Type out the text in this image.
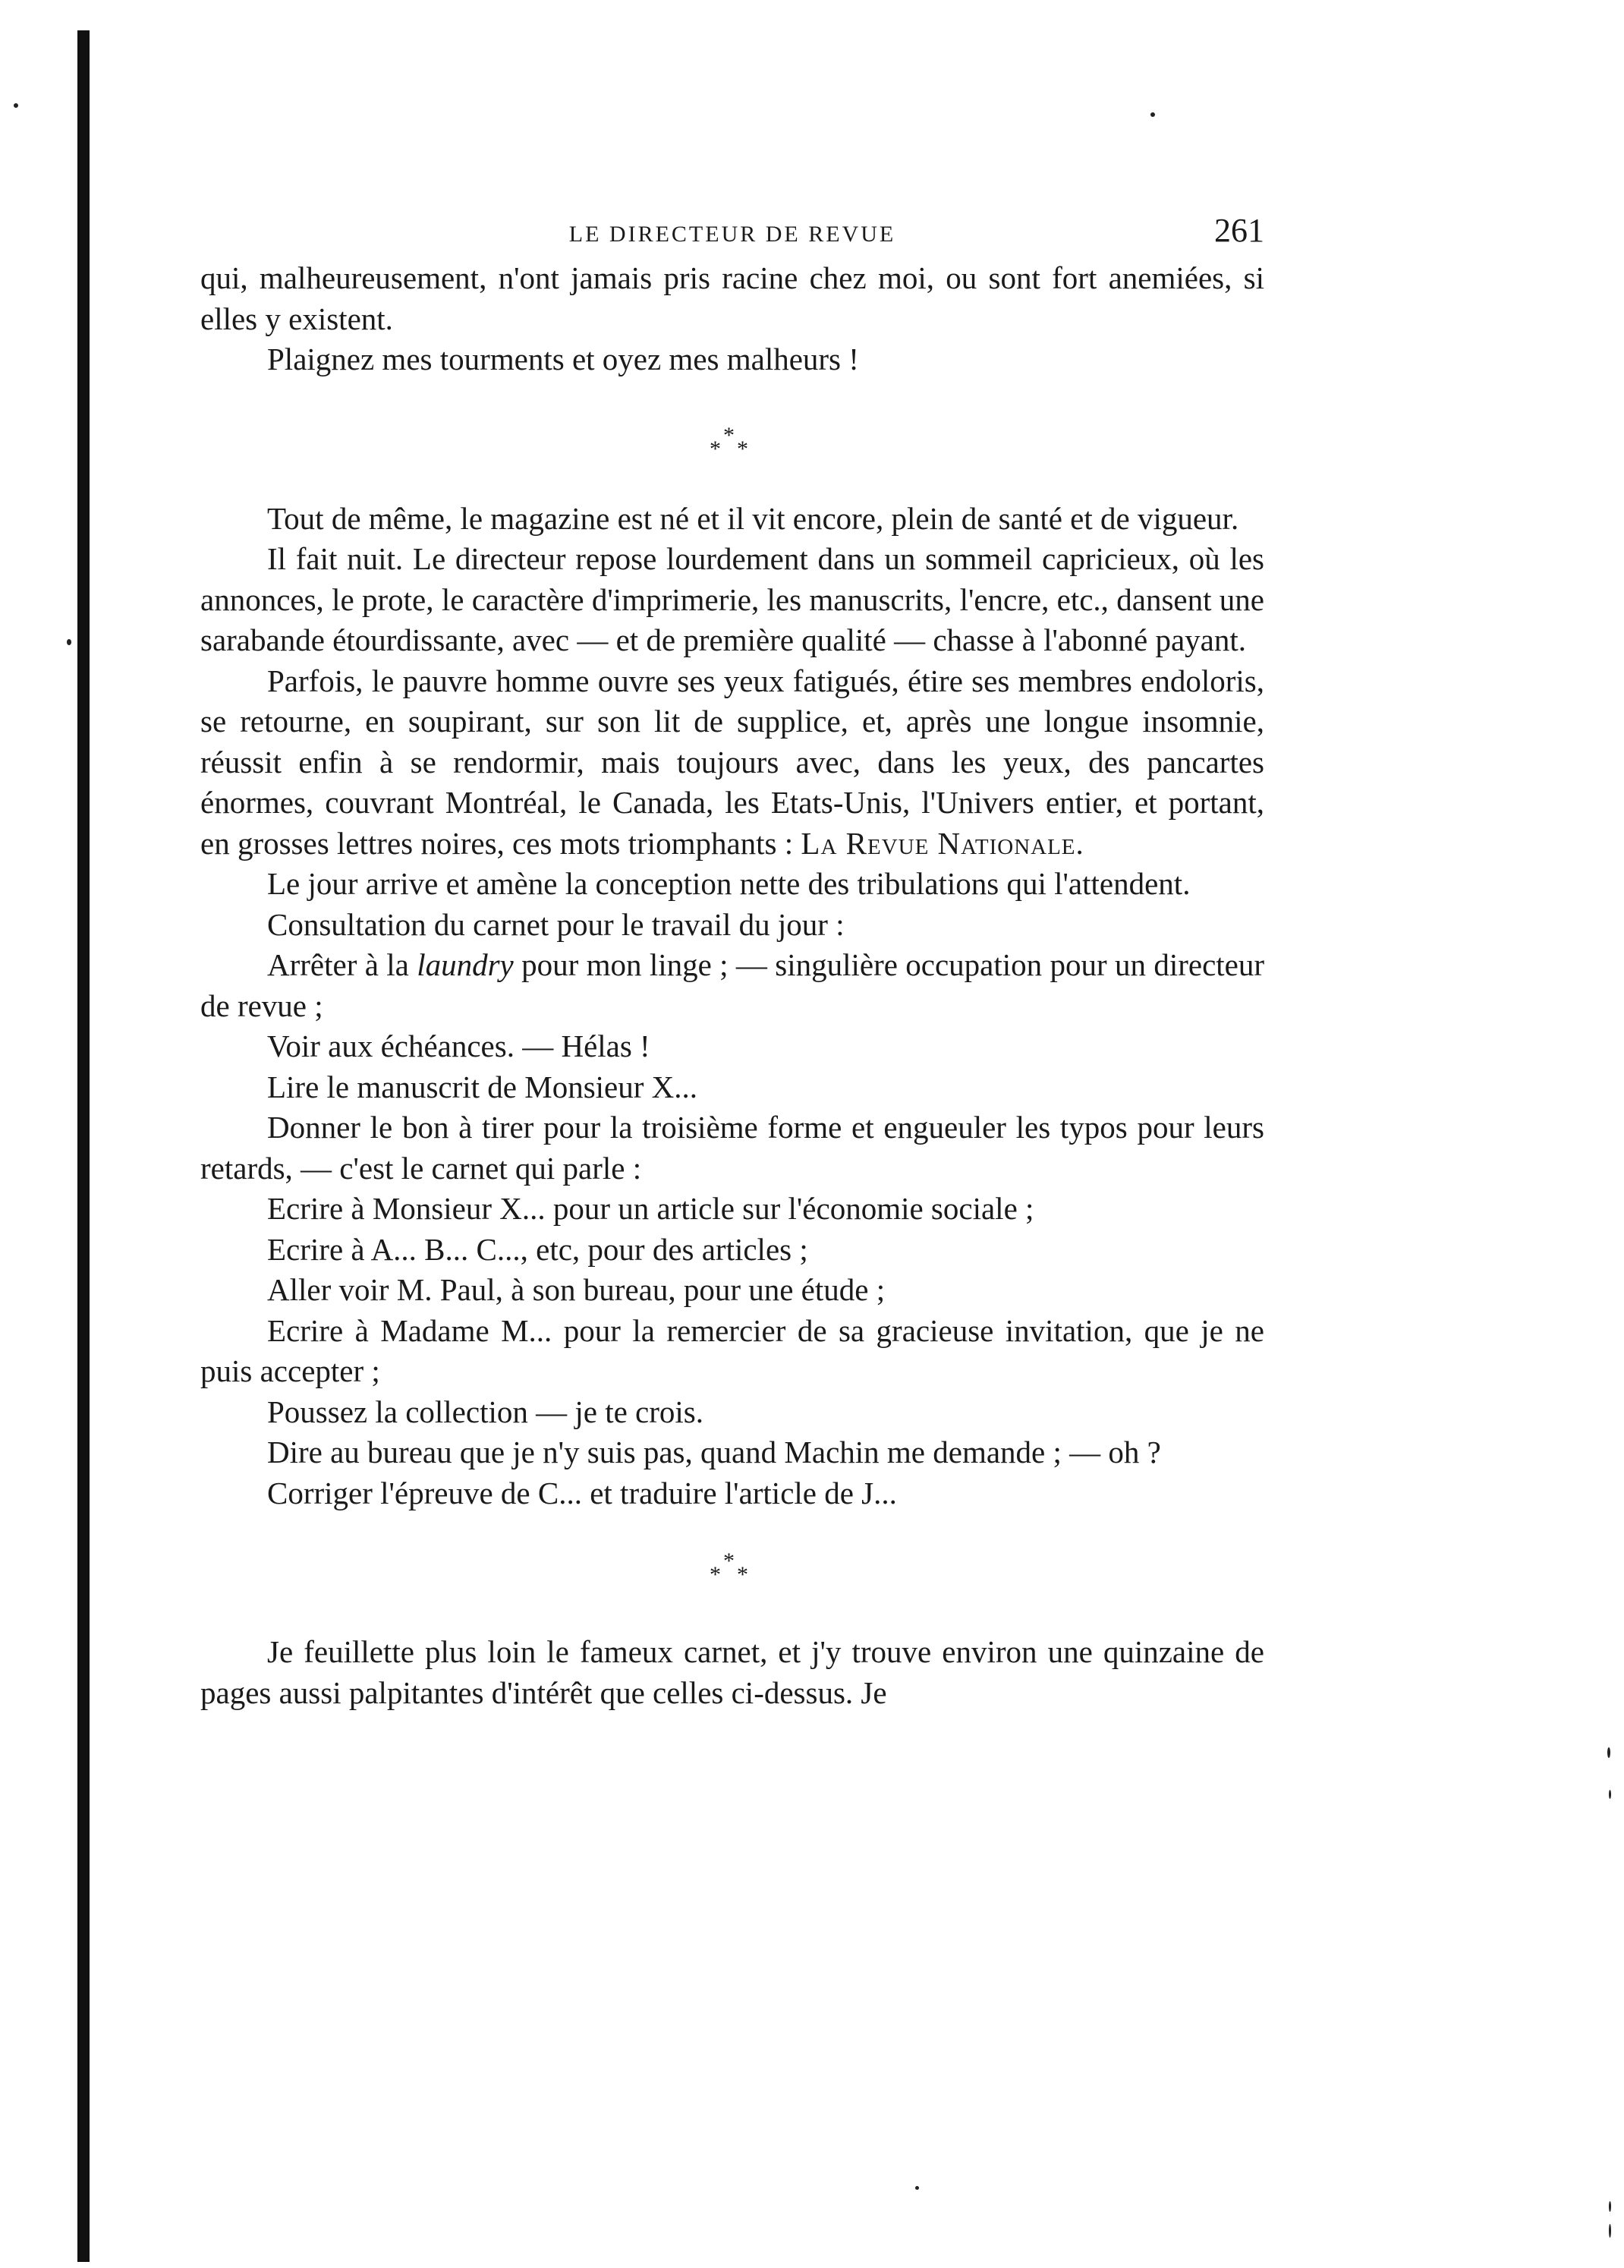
LE DIRECTEUR DE REVUE	261

qui, malheureusement, n'ont jamais pris racine chez moi, ou sont fort anemiées, si elles y existent.

Plaignez mes tourments et oyez mes malheurs !

*
* *

Tout de même, le magazine est né et il vit encore, plein de santé et de vigueur.

Il fait nuit. Le directeur repose lourdement dans un sommeil capricieux, où les annonces, le prote, le caractère d'imprimerie, les manuscrits, l'encre, etc., dansent une sarabande étourdissante, avec — et de première qualité — chasse à l'abonné payant.

Parfois, le pauvre homme ouvre ses yeux fatigués, étire ses membres endoloris, se retourne, en soupirant, sur son lit de supplice, et, après une longue insomnie, réussit enfin à se rendormir, mais toujours avec, dans les yeux, des pancartes énormes, couvrant Montréal, le Canada, les Etats-Unis, l'Univers entier, et portant, en grosses lettres noires, ces mots triomphants : La Revue Nationale.

Le jour arrive et amène la conception nette des tribulations qui l'attendent.

Consultation du carnet pour le travail du jour :

Arrêter à la laundry pour mon linge ; — singulière occupation pour un directeur de revue ;

Voir aux échéances. — Hélas !

Lire le manuscrit de Monsieur X...

Donner le bon à tirer pour la troisième forme et engueuler les typos pour leurs retards, — c'est le carnet qui parle :

Ecrire à Monsieur X... pour un article sur l'économie sociale ;

Ecrire à A... B... C..., etc, pour des articles ;

Aller voir M. Paul, à son bureau, pour une étude ;

Ecrire à Madame M... pour la remercier de sa gracieuse invitation, que je ne puis accepter ;

Poussez la collection — je te crois.

Dire au bureau que je n'y suis pas, quand Machin me demande ; — oh ?

Corriger l'épreuve de C... et traduire l'article de J...

*
* *

Je feuillette plus loin le fameux carnet, et j'y trouve environ une quinzaine de pages aussi palpitantes d'intérêt que celles ci-dessus. Je
